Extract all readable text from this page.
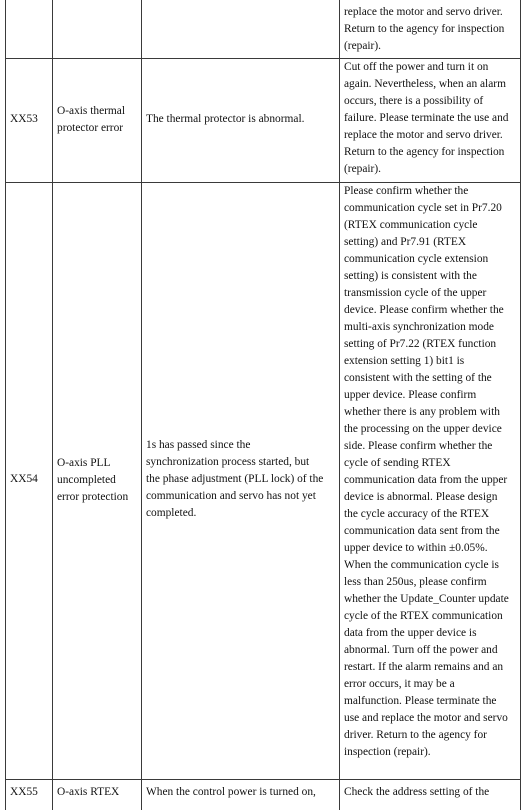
replace the motor and servo driver.
Return to the agency for inspection
(repair).
XX53
O-axis thermal
protector error
The thermal protector is abnormal.
Cut off the power and turn it on
again. Nevertheless, when an alarm
occurs, there is a possibility of
failure. Please terminate the use and
replace the motor and servo driver.
Return to the agency for inspection
(repair).
XX54
O-axis PLL
uncompleted
error protection
1s has passed since the
synchronization process started, but
the phase adjustment (PLL lock) of the
communication and servo has not yet
completed.
Please confirm whether the
communication cycle set in Pr7.20
(RTEX communication cycle
setting) and Pr7.91 (RTEX
communication cycle extension
setting) is consistent with the
transmission cycle of the upper
device. Please confirm whether the
multi-axis synchronization mode
setting of Pr7.22 (RTEX function
extension setting 1) bit1 is
consistent with the setting of the
upper device. Please confirm
whether there is any problem with
the processing on the upper device
side. Please confirm whether the
cycle of sending RTEX
communication data from the upper
device is abnormal. Please design
the cycle accuracy of the RTEX
communication data sent from the
upper device to within ±0.05%.
When the communication cycle is
less than 250us, please confirm
whether the Update_Counter update
cycle of the RTEX communication
data from the upper device is
abnormal. Turn off the power and
restart. If the alarm remains and an
error occurs, it may be a
malfunction. Please terminate the
use and replace the motor and servo
driver. Return to the agency for
inspection (repair).
XX55 O-axis RTEX When the control power is turned on, Check the address setting of the
